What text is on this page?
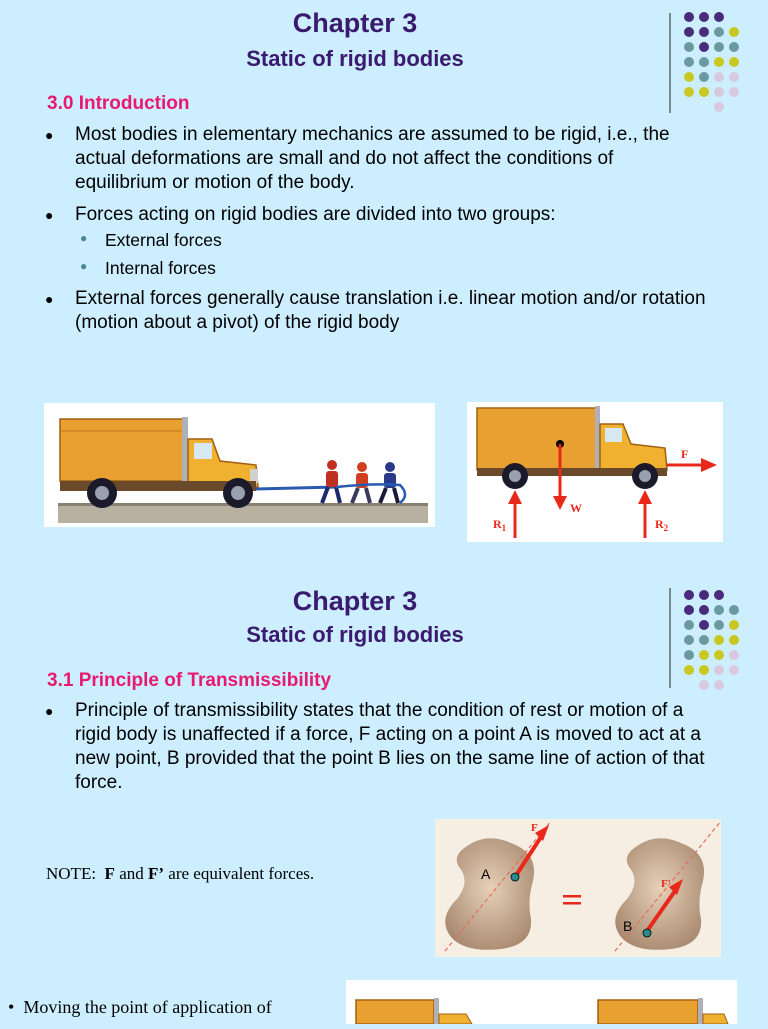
Chapter 3
Static of rigid bodies
3.0 Introduction
●	Most bodies in elementary mechanics are assumed to be rigid, i.e., the actual deformations are small and do not affect the conditions of equilibrium or motion of the body.
●	Forces acting on rigid bodies are divided into two groups:
● External forces
● Internal forces
●	External forces generally cause translation i.e. linear motion and/or rotation (motion about a pivot) of the rigid body
F
W
$R_1$	$R_2$
Chapter 3
Static of rigid bodies
3.1 Principle of Transmissibility
●	Principle of transmissibility states that the condition of rest or motion of a rigid body is unaffected if a force, F acting on a point A is moved to act at a new point, B provided that the point B lies on the same line of action of that force.
NOTE: F and F’ are equivalent forces.
F
A
F'
B
•  Moving the point of application of
